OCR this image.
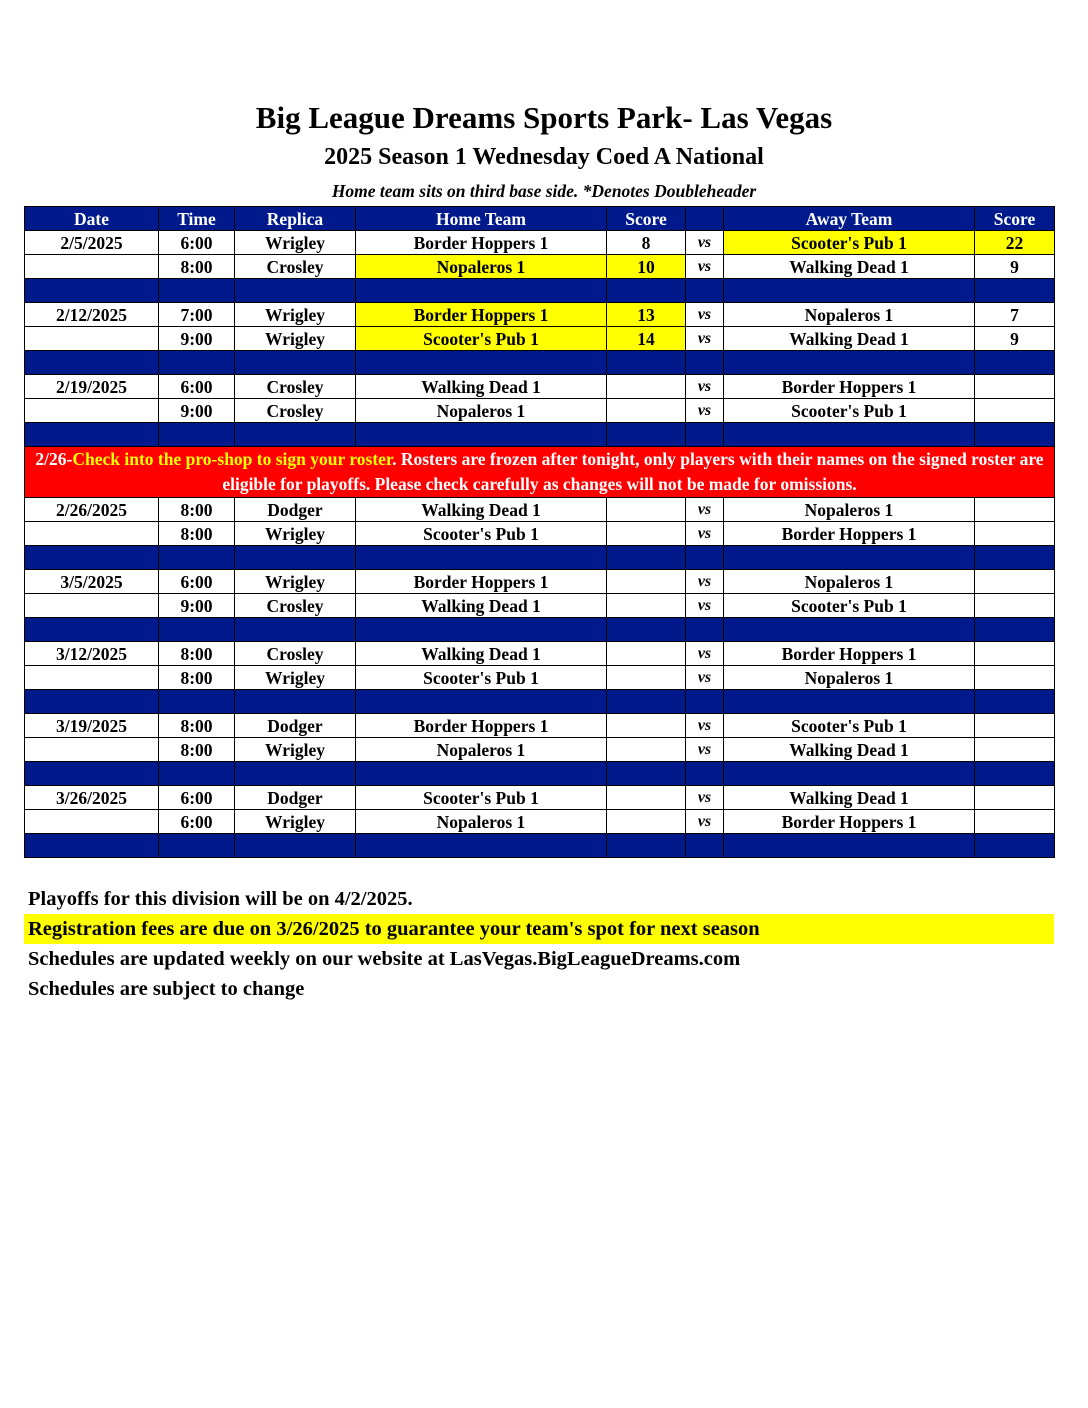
Big League Dreams Sports Park- Las Vegas
2025 Season 1 Wednesday Coed A National
Home team sits on third base side. *Denotes Doubleheader
Date	Time	Replica	Home Team	Score		Away Team	Score
2/5/2025	6:00	Wrigley	Border Hoppers 1	8	vs	Scooter's Pub 1	22
	8:00	Crosley	Nopaleros 1	10	vs	Walking Dead 1	9

2/12/2025	7:00	Wrigley	Border Hoppers 1	13	vs	Nopaleros 1	7
	9:00	Wrigley	Scooter's Pub 1	14	vs	Walking Dead 1	9

2/19/2025	6:00	Crosley	Walking Dead 1		vs	Border Hoppers 1	
	9:00	Crosley	Nopaleros 1		vs	Scooter's Pub 1	

2/26-Check into the pro-shop to sign your roster. Rosters are frozen after tonight, only players with their names on the signed roster are eligible for playoffs. Please check carefully as changes will not be made for omissions.							
2/26/2025	8:00	Dodger	Walking Dead 1		vs	Nopaleros 1	
	8:00	Wrigley	Scooter's Pub 1		vs	Border Hoppers 1	

3/5/2025	6:00	Wrigley	Border Hoppers 1		vs	Nopaleros 1	
	9:00	Crosley	Walking Dead 1		vs	Scooter's Pub 1	

3/12/2025	8:00	Crosley	Walking Dead 1		vs	Border Hoppers 1	
	8:00	Wrigley	Scooter's Pub 1		vs	Nopaleros 1	

3/19/2025	8:00	Dodger	Border Hoppers 1		vs	Scooter's Pub 1	
	8:00	Wrigley	Nopaleros 1		vs	Walking Dead 1	

3/26/2025	6:00	Dodger	Scooter's Pub 1		vs	Walking Dead 1	
	6:00	Wrigley	Nopaleros 1		vs	Border Hoppers 1	

Playoffs for this division will be on 4/2/2025.
Registration fees are due on 3/26/2025 to guarantee your team's spot for next season
Schedules are updated weekly on our website at LasVegas.BigLeagueDreams.com
Schedules are subject to change
